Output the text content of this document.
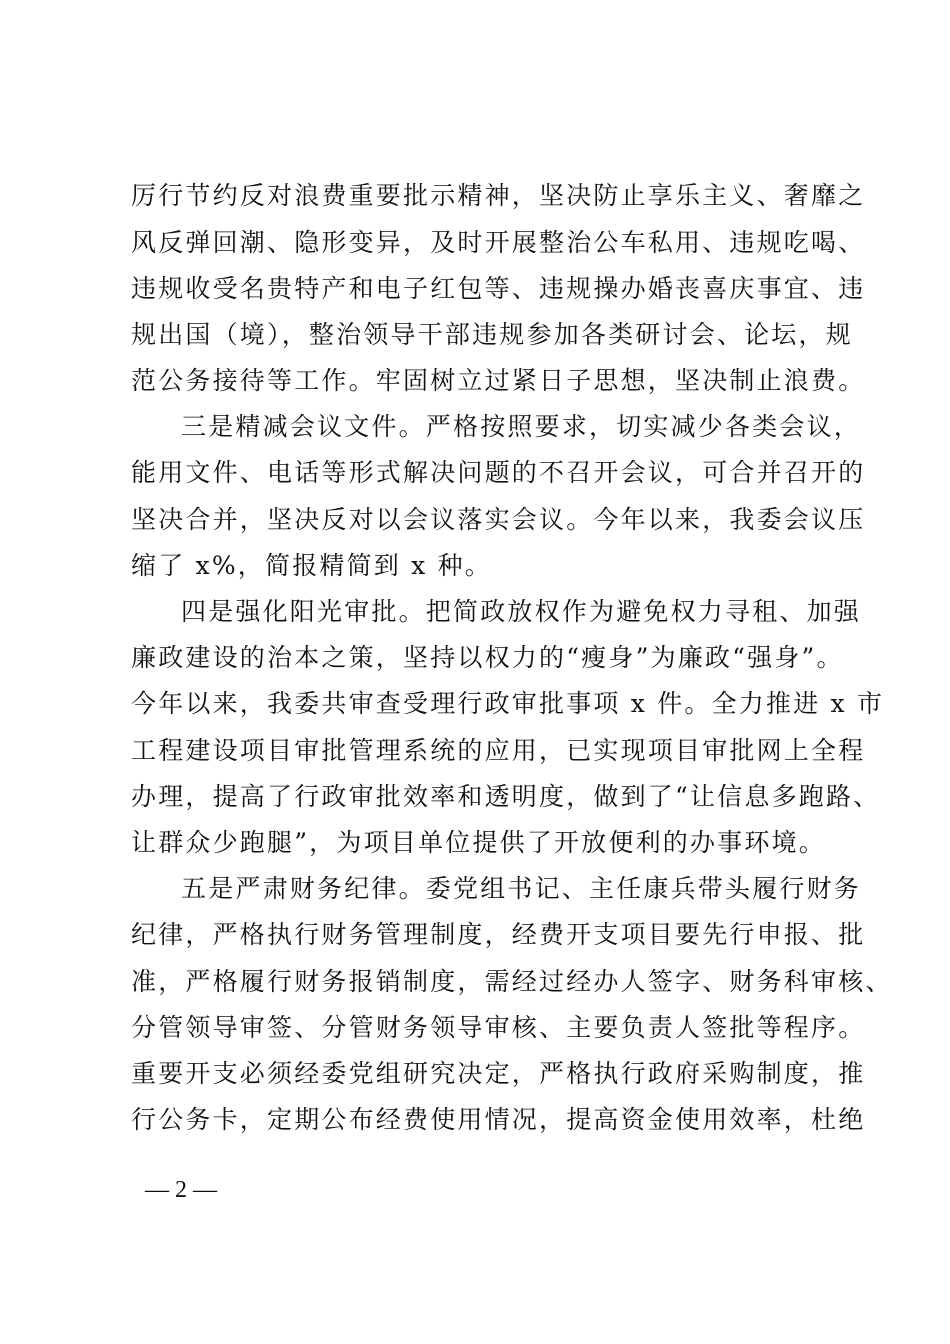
厉行节约反对浪费重要批示精神，坚决防止享乐主义、奢靡之
风反弹回潮、隐形变异，及时开展整治公车私用、违规吃喝、
违规收受名贵特产和电子红包等、违规操办婚丧喜庆事宜、违
规出国（境），整治领导干部违规参加各类研讨会、论坛，规
范公务接待等工作。牢固树立过紧日子思想，坚决制止浪费。
三是精减会议文件。严格按照要求，切实减少各类会议，
能用文件、电话等形式解决问题的不召开会议，可合并召开的
坚决合并，坚决反对以会议落实会议。今年以来，我委会议压
缩了 x%，简报精简到 x 种。
四是强化阳光审批。把简政放权作为避免权力寻租、加强
廉政建设的治本之策，坚持以权力的“瘦身”为廉政“强身”。
今年以来，我委共审查受理行政审批事项 x 件。全力推进 x 市
工程建设项目审批管理系统的应用，已实现项目审批网上全程
办理，提高了行政审批效率和透明度，做到了“让信息多跑路、
让群众少跑腿”，为项目单位提供了开放便利的办事环境。
五是严肃财务纪律。委党组书记、主任康兵带头履行财务
纪律，严格执行财务管理制度，经费开支项目要先行申报、批
准，严格履行财务报销制度，需经过经办人签字、财务科审核、
分管领导审签、分管财务领导审核、主要负责人签批等程序。
重要开支必须经委党组研究决定，严格执行政府采购制度，推
行公务卡，定期公布经费使用情况，提高资金使用效率，杜绝
— 2 —
